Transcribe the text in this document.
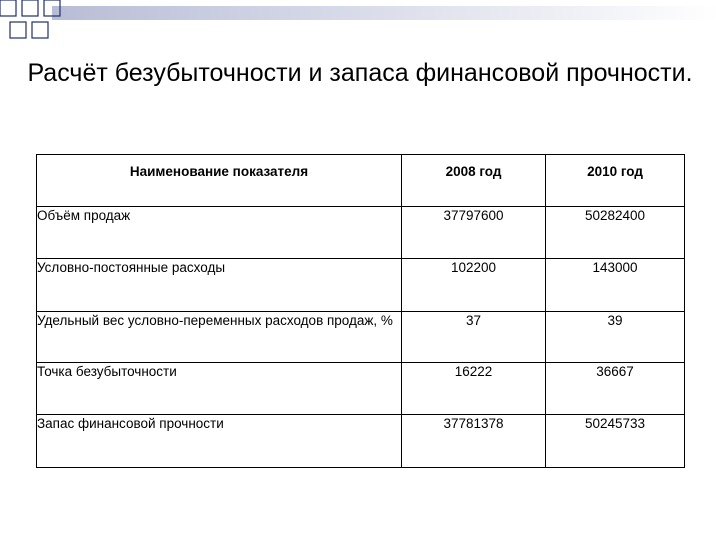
Расчёт безубыточности и запаса финансовой прочности.
Наименование показателя	2008 год	2010 год
Объём продаж	37797600	50282400
Условно-постоянные расходы	102200	143000
Удельный вес условно-переменных расходов продаж, %	37	39
Точка безубыточности	16222	36667
Запас финансовой прочности	37781378	50245733
